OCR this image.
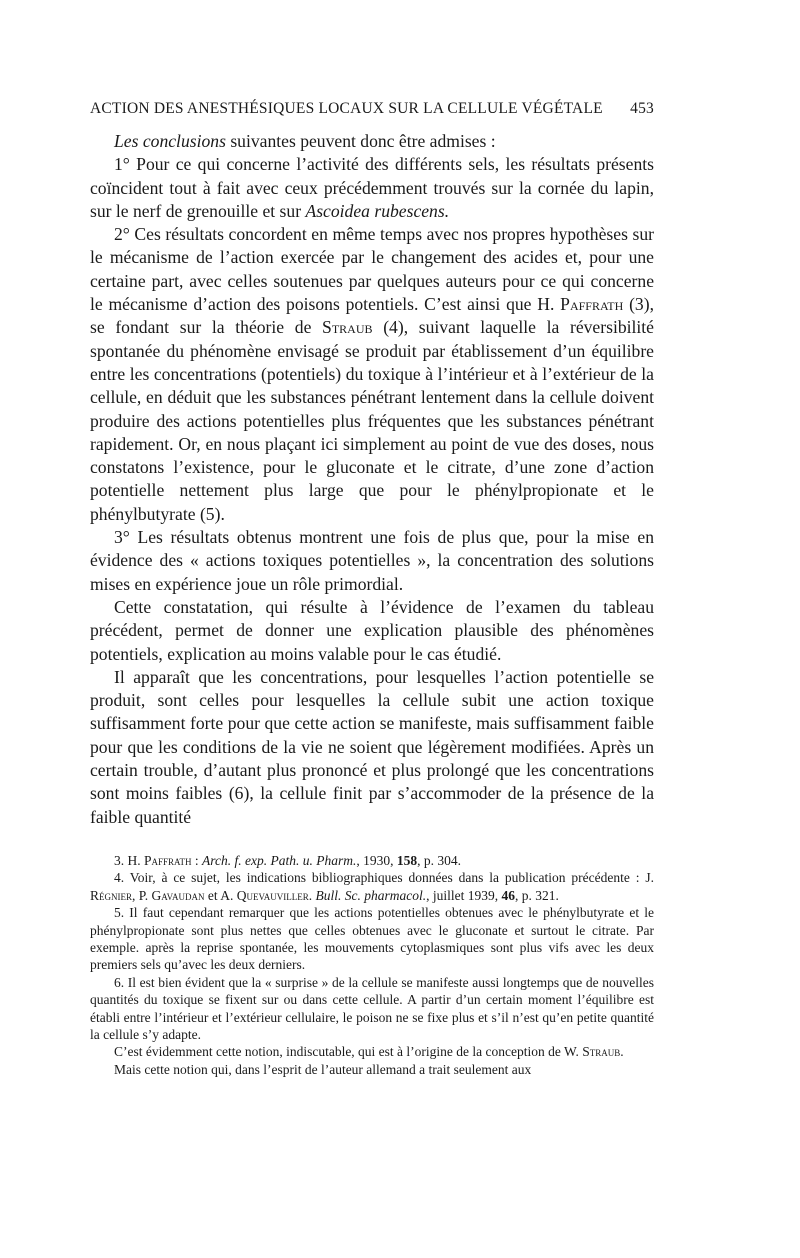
ACTION DES ANESTHÉSIQUES LOCAUX SUR LA CELLULE VÉGÉTALE 453

Les conclusions suivantes peuvent donc être admises :

1° Pour ce qui concerne l’activité des différents sels, les résultats présents coïncident tout à fait avec ceux précédemment trouvés sur la cornée du lapin, sur le nerf de grenouille et sur Ascoidea rubescens.

2° Ces résultats concordent en même temps avec nos propres hypothèses sur le mécanisme de l’action exercée par le changement des acides et, pour une certaine part, avec celles soutenues par quelques auteurs pour ce qui concerne le mécanisme d’action des poisons potentiels. C’est ainsi que H. Paffrath (3), se fondant sur la théorie de Straub (4), suivant laquelle la réversibilité spontanée du phénomène envisagé se produit par établissement d’un équilibre entre les concentrations (potentiels) du toxique à l’intérieur et à l’extérieur de la cellule, en déduit que les substances pénétrant lentement dans la cellule doivent produire des actions potentielles plus fréquentes que les substances pénétrant rapidement. Or, en nous plaçant ici simplement au point de vue des doses, nous constatons l’existence, pour le gluconate et le citrate, d’une zone d’action potentielle nettement plus large que pour le phénylpropionate et le phénylbutyrate (5).

3° Les résultats obtenus montrent une fois de plus que, pour la mise en évidence des « actions toxiques potentielles », la concentration des solutions mises en expérience joue un rôle primordial.

Cette constatation, qui résulte à l’évidence de l’examen du tableau précédent, permet de donner une explication plausible des phénomènes potentiels, explication au moins valable pour le cas étudié.

Il apparaît que les concentrations, pour lesquelles l’action potentielle se produit, sont celles pour lesquelles la cellule subit une action toxique suffisamment forte pour que cette action se manifeste, mais suffisamment faible pour que les conditions de la vie ne soient que légèrement modifiées. Après un certain trouble, d’autant plus prononcé et plus prolongé que les concentrations sont moins faibles (6), la cellule finit par s’accommoder de la présence de la faible quantité

3. H. Paffrath : Arch. f. exp. Path. u. Pharm., 1930, 158, p. 304.

4. Voir, à ce sujet, les indications bibliographiques données dans la publication précédente : J. Régnier, P. Gavaudan et A. Quevauviller. Bull. Sc. pharmacol., juillet 1939, 46, p. 321.

5. Il faut cependant remarquer que les actions potentielles obtenues avec le phénylbutyrate et le phénylpropionate sont plus nettes que celles obtenues avec le gluconate et surtout le citrate. Par exemple. après la reprise spontanée, les mouvements cytoplasmiques sont plus vifs avec les deux premiers sels qu’avec les deux derniers.

6. Il est bien évident que la « surprise » de la cellule se manifeste aussi longtemps que de nouvelles quantités du toxique se fixent sur ou dans cette cellule. A partir d’un certain moment l’équilibre est établi entre l’intérieur et l’extérieur cellulaire, le poison ne se fixe plus et s’il n’est qu’en petite quantité la cellule s’y adapte.

C’est évidemment cette notion, indiscutable, qui est à l’origine de la conception de W. Straub.

Mais cette notion qui, dans l’esprit de l’auteur allemand a trait seulement aux
